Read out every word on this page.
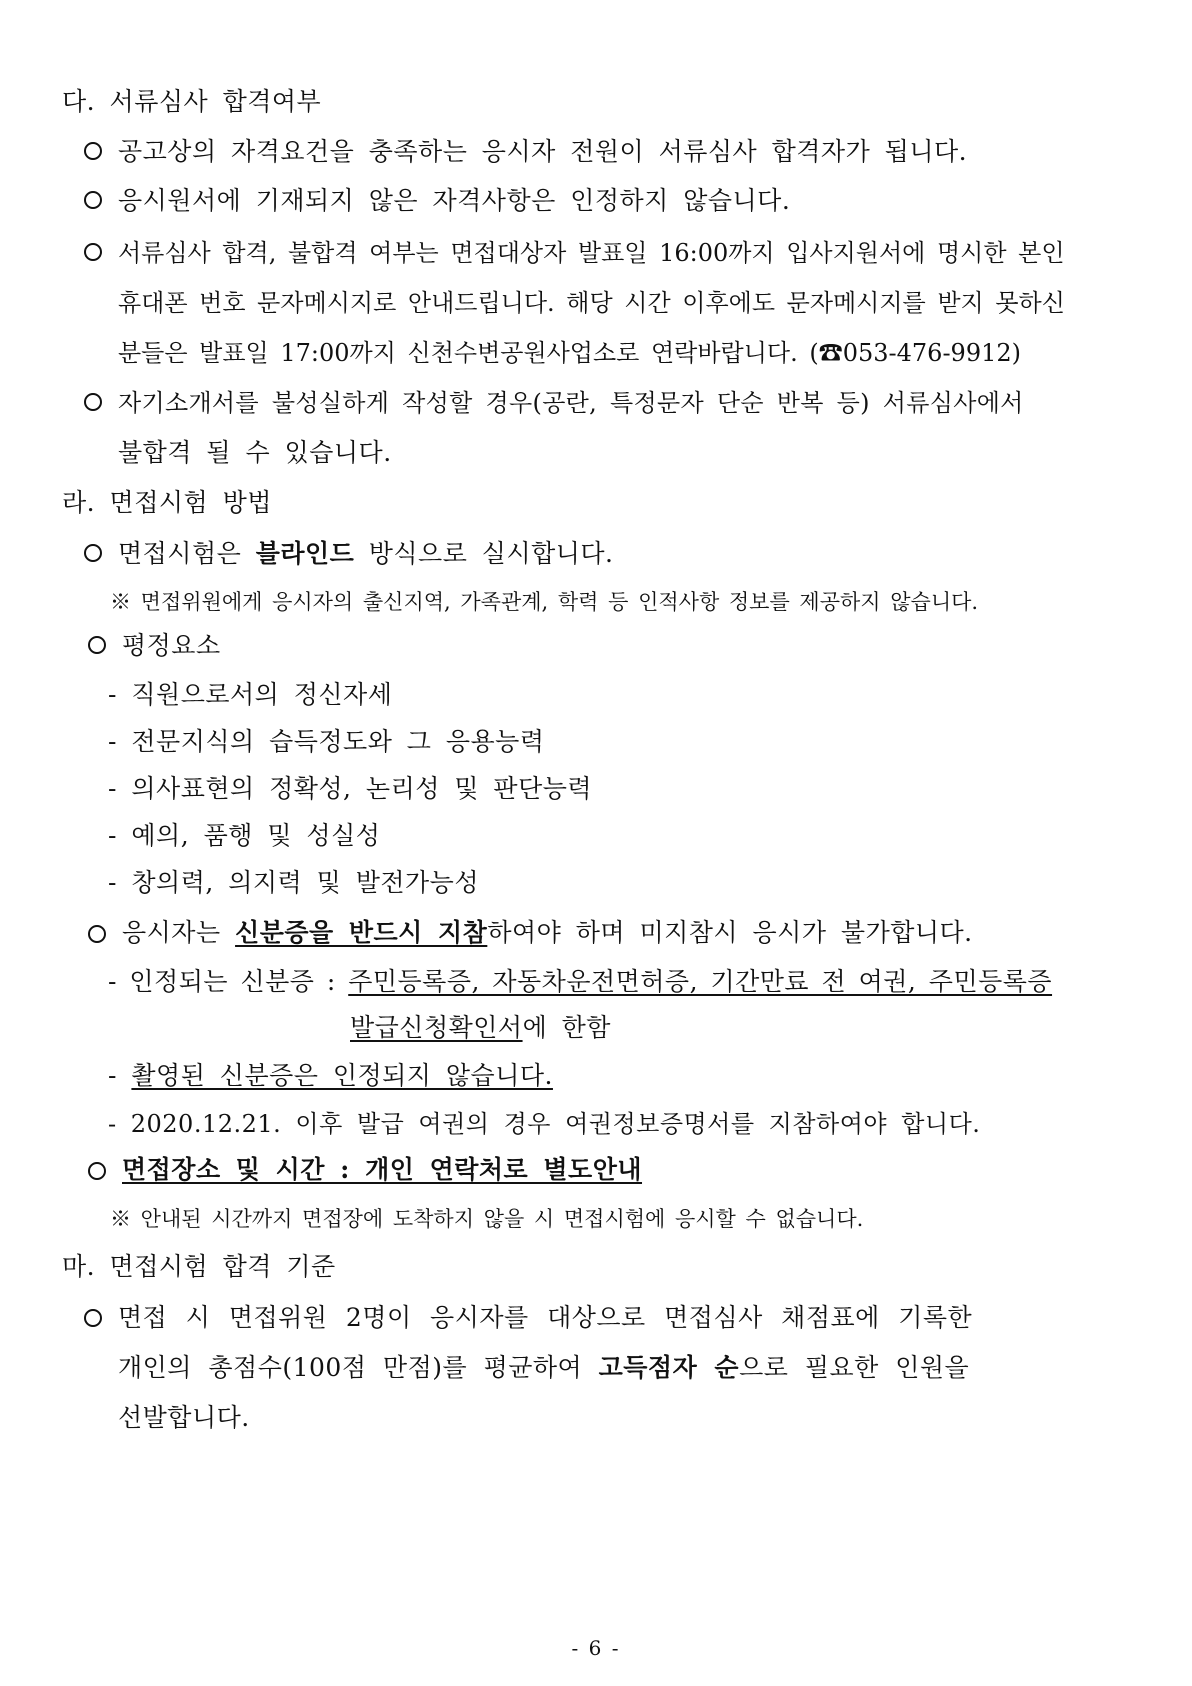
다. 서류심사 합격여부
공고상의 자격요건을 충족하는 응시자 전원이 서류심사 합격자가 됩니다.
응시원서에 기재되지 않은 자격사항은 인정하지 않습니다.
서류심사 합격, 불합격 여부는 면접대상자 발표일 16:00까지 입사지원서에 명시한 본인
휴대폰 번호 문자메시지로 안내드립니다. 해당 시간 이후에도 문자메시지를 받지 못하신
분들은 발표일 17:00까지 신천수변공원사업소로 연락바랍니다. (☎053-476-9912)
자기소개서를 불성실하게 작성할 경우(공란, 특정문자 단순 반복 등) 서류심사에서
불합격 될 수 있습니다.
라. 면접시험 방법
면접시험은 블라인드 방식으로 실시합니다.
※ 면접위원에게 응시자의 출신지역, 가족관계, 학력 등 인적사항 정보를 제공하지 않습니다.
평정요소
- 직원으로서의 정신자세
- 전문지식의 습득정도와 그 응용능력
- 의사표현의 정확성, 논리성 및 판단능력
- 예의, 품행 및 성실성
- 창의력, 의지력 및 발전가능성
응시자는 신분증을 반드시 지참하여야 하며 미지참시 응시가 불가합니다.
- 인정되는 신분증 : 주민등록증, 자동차운전면허증, 기간만료 전 여권, 주민등록증
발급신청확인서에 한함
- 촬영된 신분증은 인정되지 않습니다.
- 2020.12.21. 이후 발급 여권의 경우 여권정보증명서를 지참하여야 합니다.
면접장소 및 시간 : 개인 연락처로 별도안내
※ 안내된 시간까지 면접장에 도착하지 않을 시 면접시험에 응시할 수 없습니다.
마. 면접시험 합격 기준
면접 시 면접위원 2명이 응시자를 대상으로 면접심사 채점표에 기록한
개인의 총점수(100점 만점)를 평균하여 고득점자 순으로 필요한 인원을
선발합니다.
- 6 -
